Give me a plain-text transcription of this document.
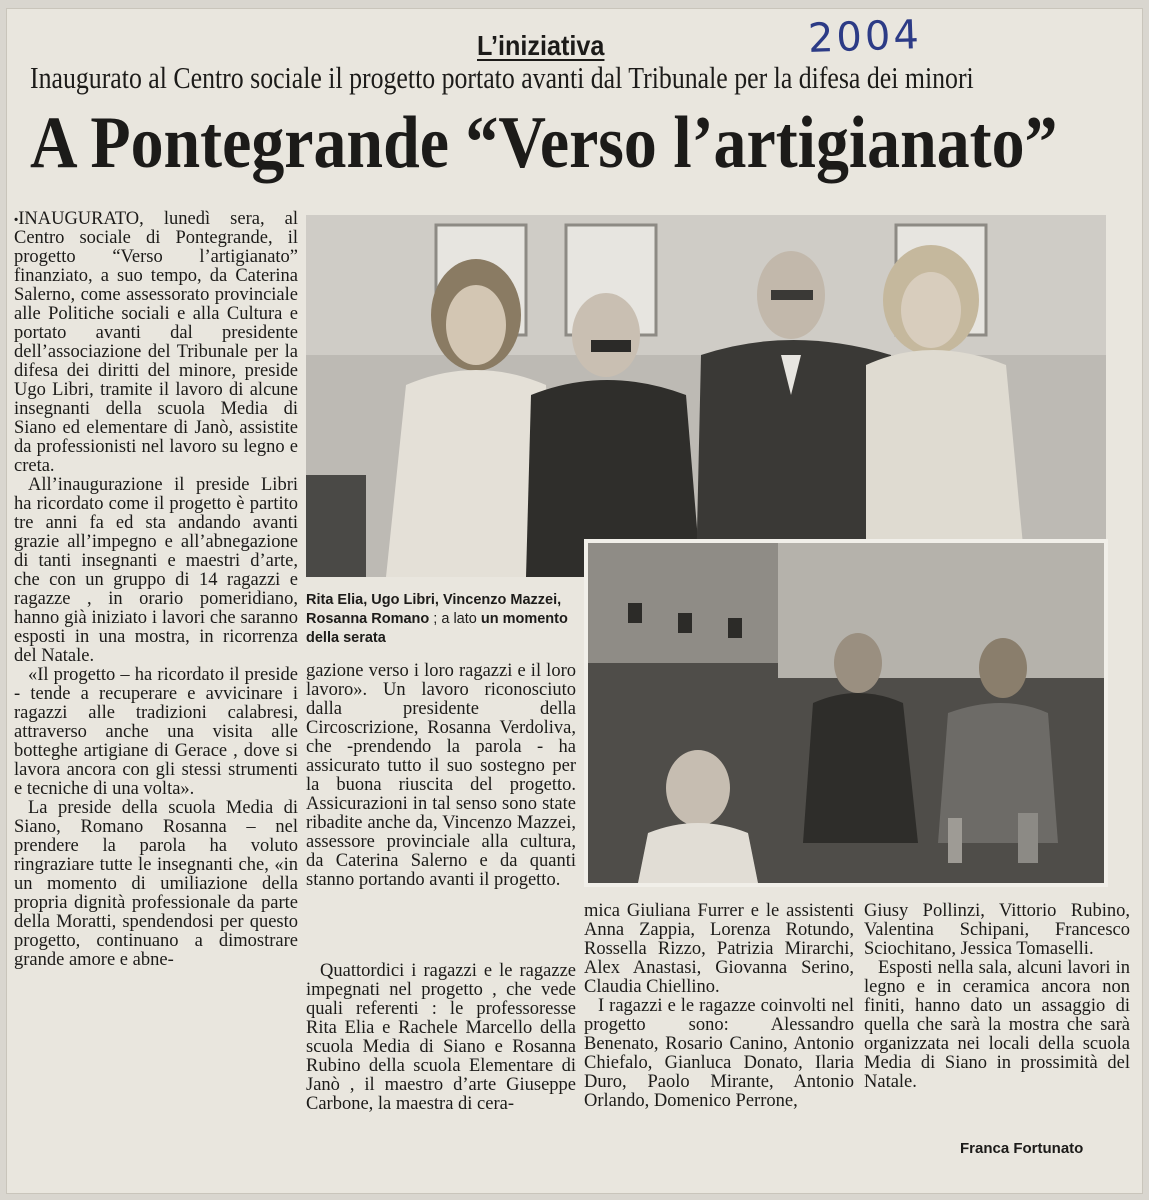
2004
L’iniziativa
Inaugurato al Centro sociale il progetto portato avanti dal Tribunale per la difesa dei minori
A Pontegrande “Verso l’artigianato”

•INAUGURATO, lunedì sera, al Centro sociale di Pontegrande, il progetto “Verso l’artigianato” finanziato, a suo tempo, da Caterina Salerno, come assessorato provinciale alle Politiche sociali e alla Cultura e portato avanti dal presidente dell’associazione del Tribunale per la difesa dei diritti del minore, preside Ugo Libri, tramite il lavoro di alcune insegnanti della scuola Media di Siano ed elementare di Janò, assistite da professionisti nel lavoro su legno e creta.

All’inaugurazione il preside Libri ha ricordato come il progetto è partito tre anni fa ed sta andando avanti grazie all’impegno e all’abnegazione di tanti insegnanti e maestri d’arte, che con un gruppo di 14 ragazzi e ragazze , in orario pomeridiano, hanno già iniziato i lavori che saranno esposti in una mostra, in ricorrenza del Natale.

«Il progetto – ha ricordato il preside - tende a recuperare e avvicinare i ragazzi alle tradizioni calabresi, attraverso anche una visita alle botteghe artigiane di Gerace , dove si lavora ancora con gli stessi strumenti e tecniche di una volta».

La preside della scuola Media di Siano, Romano Rosanna – nel prendere la parola ha voluto ringraziare tutte le insegnanti che, «in un momento di umiliazione della propria dignità professionale da parte della Moratti, spendendosi per questo progetto, continuano a dimostrare grande amore e abne-

Rita Elia, Ugo Libri, Vincenzo Mazzei, Rosanna Romano ; a lato un momento della serata

gazione verso i loro ragazzi e il loro lavoro». Un lavoro riconosciuto dalla presidente della Circoscrizione, Rosanna Verdoliva, che -prendendo la parola - ha assicurato tutto il suo sostegno per la buona riuscita del progetto. Assicurazioni in tal senso sono state ribadite anche da, Vincenzo Mazzei, assessore provinciale alla cultura, da Caterina Salerno e da quanti stanno portando avanti il progetto.

Quattordici i ragazzi e le ragazze impegnati nel progetto , che vede quali referenti : le professoresse Rita Elia e Rachele Marcello della scuola Media di Siano e Rosanna Rubino della scuola Elementare di Janò , il maestro d’arte Giuseppe Carbone, la maestra di cera-

mica Giuliana Furrer e le assistenti Anna Zappia, Lorenza Rotundo, Rossella Rizzo, Patrizia Mirarchi, Alex Anastasi, Giovanna Serino, Claudia Chiellino.

I ragazzi e le ragazze coinvolti nel progetto sono: Alessandro Benenato, Rosario Canino, Antonio Chiefalo, Gianluca Donato, Ilaria Duro, Paolo Mirante, Antonio Orlando, Domenico Perrone,

Giusy Pollinzi, Vittorio Rubino, Valentina Schipani, Francesco Sciochitano, Jessica Tomaselli.

Esposti nella sala, alcuni lavori in legno e in ceramica ancora non finiti, hanno dato un assaggio di quella che sarà la mostra che sarà organizzata nei locali della scuola Media di Siano in prossimità del Natale.

Franca Fortunato
